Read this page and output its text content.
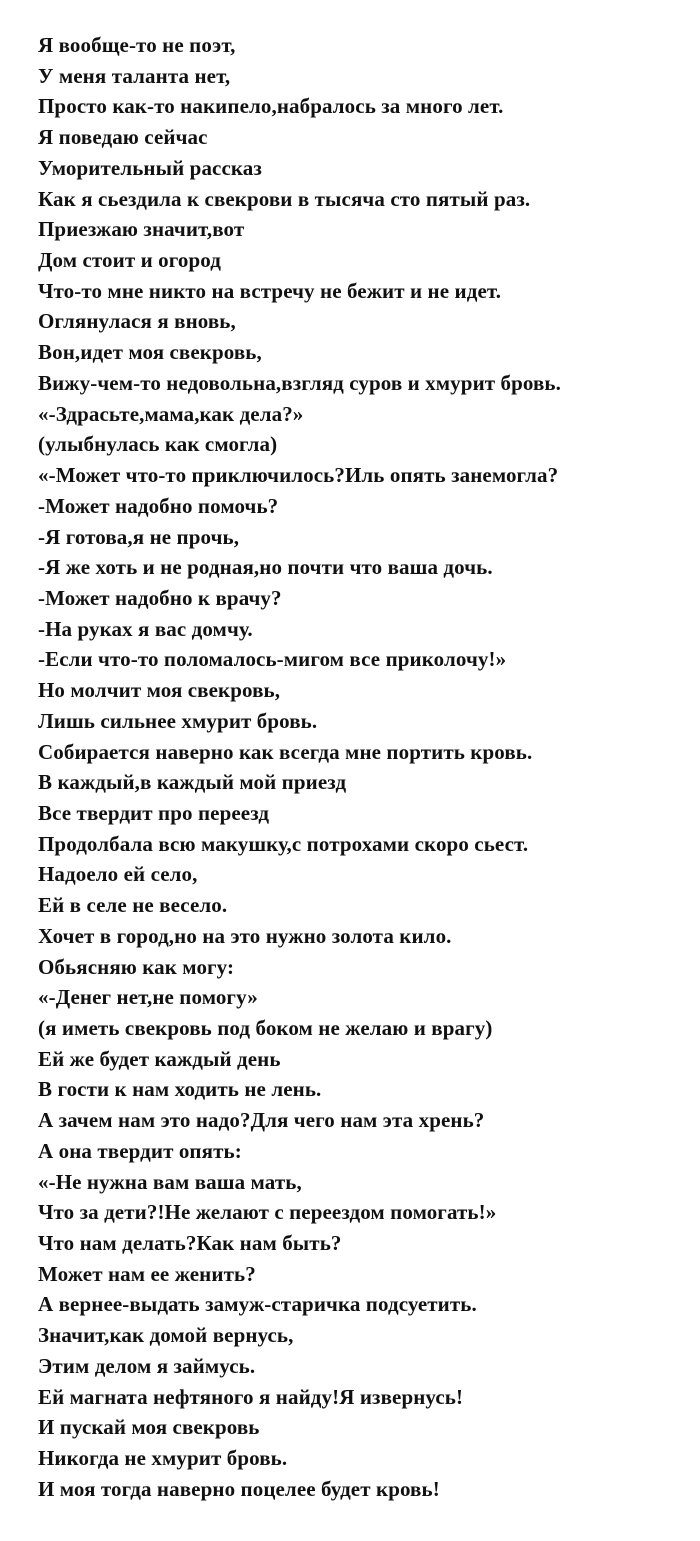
Я вообще-то не поэт,
У меня таланта нет,
Просто как-то накипело,набралось за много лет.
Я поведаю сейчас
Уморительный рассказ
Как я сьездила к свекрови в тысяча сто пятый раз.
Приезжаю значит,вот
Дом стоит и огород
Что-то мне никто на встречу не бежит и не идет.
Оглянулася я вновь,
Вон,идет моя свекровь,
Вижу-чем-то недовольна,взгляд суров и хмурит бровь.
«-Здрасьте,мама,как дела?»
(улыбнулась как смогла)
«-Может что-то приключилось?Иль опять занемогла?
-Может надобно помочь?
-Я готова,я не прочь,
-Я же хоть и не родная,но почти что ваша дочь.
-Может надобно к врачу?
-На руках я вас домчу.
-Если что-то поломалось-мигом все приколочу!»
Но молчит моя свекровь,
Лишь сильнее хмурит бровь.
Собирается наверно как всегда мне портить кровь.
В каждый,в каждый мой приезд
Все твердит про переезд
Продолбала всю макушку,с потрохами скоро сьест.
Надоело ей село,
Ей в селе не весело.
Хочет в город,но на это нужно золота кило.
Обьясняю как могу:
«-Денег нет,не помогу»
(я иметь свекровь под боком не желаю и врагу)
Ей же будет каждый день
В гости к нам ходить не лень.
А зачем нам это надо?Для чего нам эта хрень?
А она твердит опять:
«-Не нужна вам ваша мать,
Что за дети?!Не желают с переездом помогать!»
Что нам делать?Как нам быть?
Может нам ее женить?
А вернее-выдать замуж-старичка подсуетить.
Значит,как домой вернусь,
Этим делом я займусь.
Ей магната нефтяного я найду!Я извернусь!
И пускай моя свекровь
Никогда не хмурит бровь.
И моя тогда наверно поцелее будет кровь!
